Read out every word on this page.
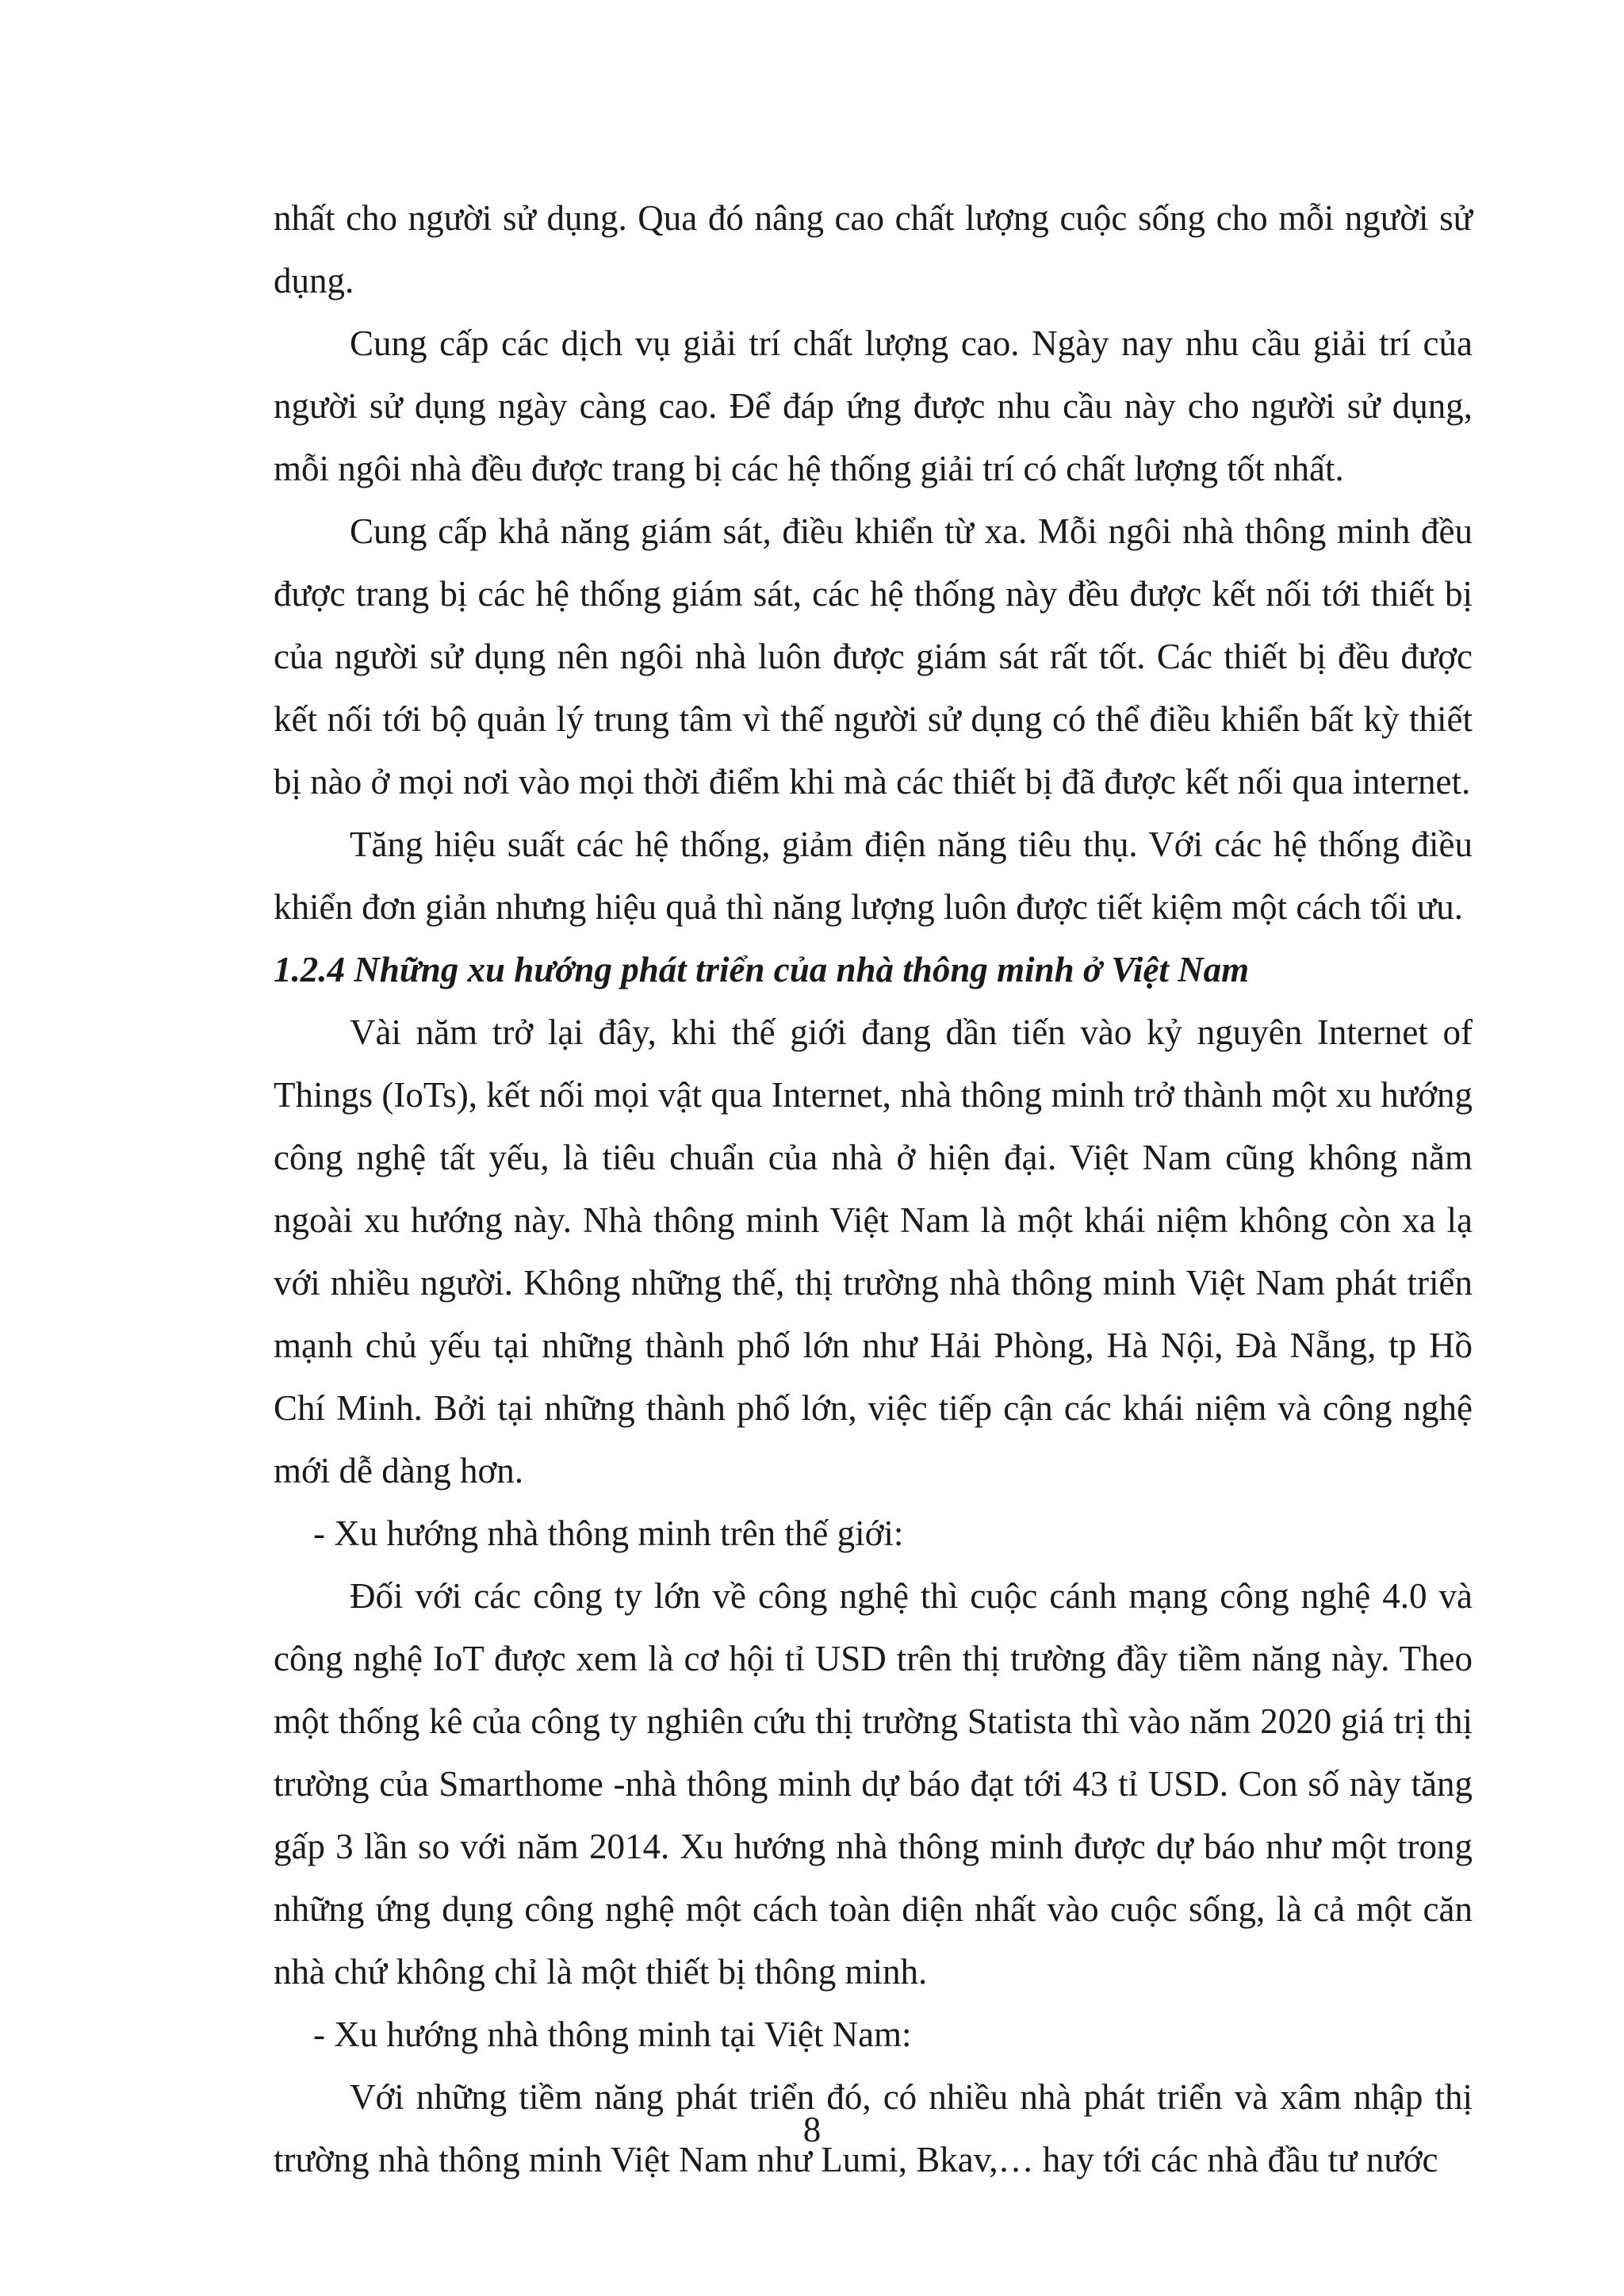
nhất cho người sử dụng. Qua đó nâng cao chất lượng cuộc sống cho mỗi người sử dụng.

Cung cấp các dịch vụ giải trí chất lượng cao. Ngày nay nhu cầu giải trí của người sử dụng ngày càng cao. Để đáp ứng được nhu cầu này cho người sử dụng, mỗi ngôi nhà đều được trang bị các hệ thống giải trí có chất lượng tốt nhất.

Cung cấp khả năng giám sát, điều khiển từ xa. Mỗi ngôi nhà thông minh đều được trang bị các hệ thống giám sát, các hệ thống này đều được kết nối tới thiết bị của người sử dụng nên ngôi nhà luôn được giám sát rất tốt. Các thiết bị đều được kết nối tới bộ quản lý trung tâm vì thế người sử dụng có thể điều khiển bất kỳ thiết bị nào ở mọi nơi vào mọi thời điểm khi mà các thiết bị đã được kết nối qua internet.

Tăng hiệu suất các hệ thống, giảm điện năng tiêu thụ. Với các hệ thống điều khiển đơn giản nhưng hiệu quả thì năng lượng luôn được tiết kiệm một cách tối ưu.

1.2.4 Những xu hướng phát triển của nhà thông minh ở Việt Nam

Vài năm trở lại đây, khi thế giới đang dần tiến vào kỷ nguyên Internet of Things (IoTs), kết nối mọi vật qua Internet, nhà thông minh trở thành một xu hướng công nghệ tất yếu, là tiêu chuẩn của nhà ở hiện đại. Việt Nam cũng không nằm ngoài xu hướng này. Nhà thông minh Việt Nam là một khái niệm không còn xa lạ với nhiều người. Không những thế, thị trường nhà thông minh Việt Nam phát triển mạnh chủ yếu tại những thành phố lớn như Hải Phòng, Hà Nội, Đà Nẵng, tp Hồ Chí Minh. Bởi tại những thành phố lớn, việc tiếp cận các khái niệm và công nghệ mới dễ dàng hơn.

- Xu hướng nhà thông minh trên thế giới:

Đối với các công ty lớn về công nghệ thì cuộc cánh mạng công nghệ 4.0 và công nghệ IoT được xem là cơ hội tỉ USD trên thị trường đầy tiềm năng này. Theo một thống kê của công ty nghiên cứu thị trường Statista thì vào năm 2020 giá trị thị trường của Smarthome -nhà thông minh dự báo đạt tới 43 tỉ USD. Con số này tăng gấp 3 lần so với năm 2014. Xu hướng nhà thông minh được dự báo như một trong những ứng dụng công nghệ một cách toàn diện nhất vào cuộc sống, là cả một căn nhà chứ không chỉ là một thiết bị thông minh.

- Xu hướng nhà thông minh tại Việt Nam:

Với những tiềm năng phát triển đó, có nhiều nhà phát triển và xâm nhập thị trường nhà thông minh Việt Nam như Lumi, Bkav,… hay tới các nhà đầu tư nước

8
